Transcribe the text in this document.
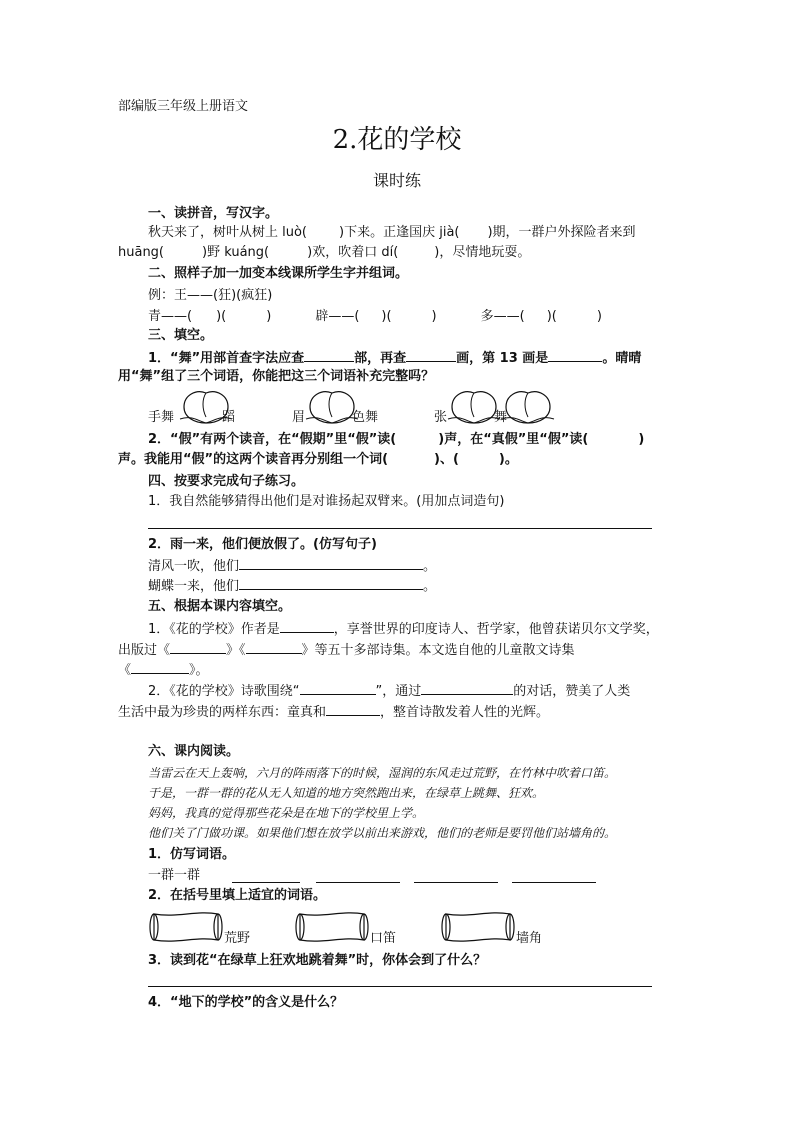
部编版三年级上册语文
2.花的学校
课时练
一、读拼音，写汉字。
秋天来了，树叶从树上 luò( )下来。正逢国庆 jià( )期，一群户外探险者来到
huāng(	)野 kuáng(	)欢，吹着口 dí(	)，尽情地玩耍。
二、照样子加一加变本线课所学生字并组词。
例：王——(狂)(疯狂)
青——( )(	)	辟——( )(	)	多——( )(	)
三、填空。
1．“舞”用部首查字法应查	部，再查	画，第 13 画是	。晴晴
用“舞”组了三个词语，你能把这三个词语补充完整吗？
手舞	蹈	眉	色舞	张	舞
2．“假”有两个读音，在“假期”里“假”读(	)声，在“真假”里“假”读(	)
声。我能用“假”的这两个读音再分别组一个词(	)、(	)。
四、按要求完成句子练习。
1．我自然能够猜得出他们是对谁扬起双臂来。(用加点词造句)
2．雨一来，他们便放假了。(仿写句子)
清风一吹，他们	。
蝴蝶一来，他们	。
五、根据本课内容填空。
1．《花的学校》作者是	，享誉世界的印度诗人、哲学家，他曾获诺贝尔文学奖，
出版过《	》《	》等五十多部诗集。本文选自他的儿童散文诗集
《	》。
2．《花的学校》诗歌围绕“	”，通过	的对话，赞美了人类
生活中最为珍贵的两样东西：童真和	，整首诗散发着人性的光辉。
六、课内阅读。
当雷云在天上轰响，六月的阵雨落下的时候，湿润的东风走过荒野，在竹林中吹着口笛。
于是，一群一群的花从无人知道的地方突然跑出来，在绿草上跳舞、狂欢。
妈妈，我真的觉得那些花朵是在地下的学校里上学。
他们关了门做功课。如果他们想在放学以前出来游戏，他们的老师是要罚他们站墙角的。
1．仿写词语。
一群一群
2．在括号里填上适宜的词语。
荒野	口笛	墙角
3．读到花“在绿草上狂欢地跳着舞”时，你体会到了什么？
4．“地下的学校”的含义是什么？
